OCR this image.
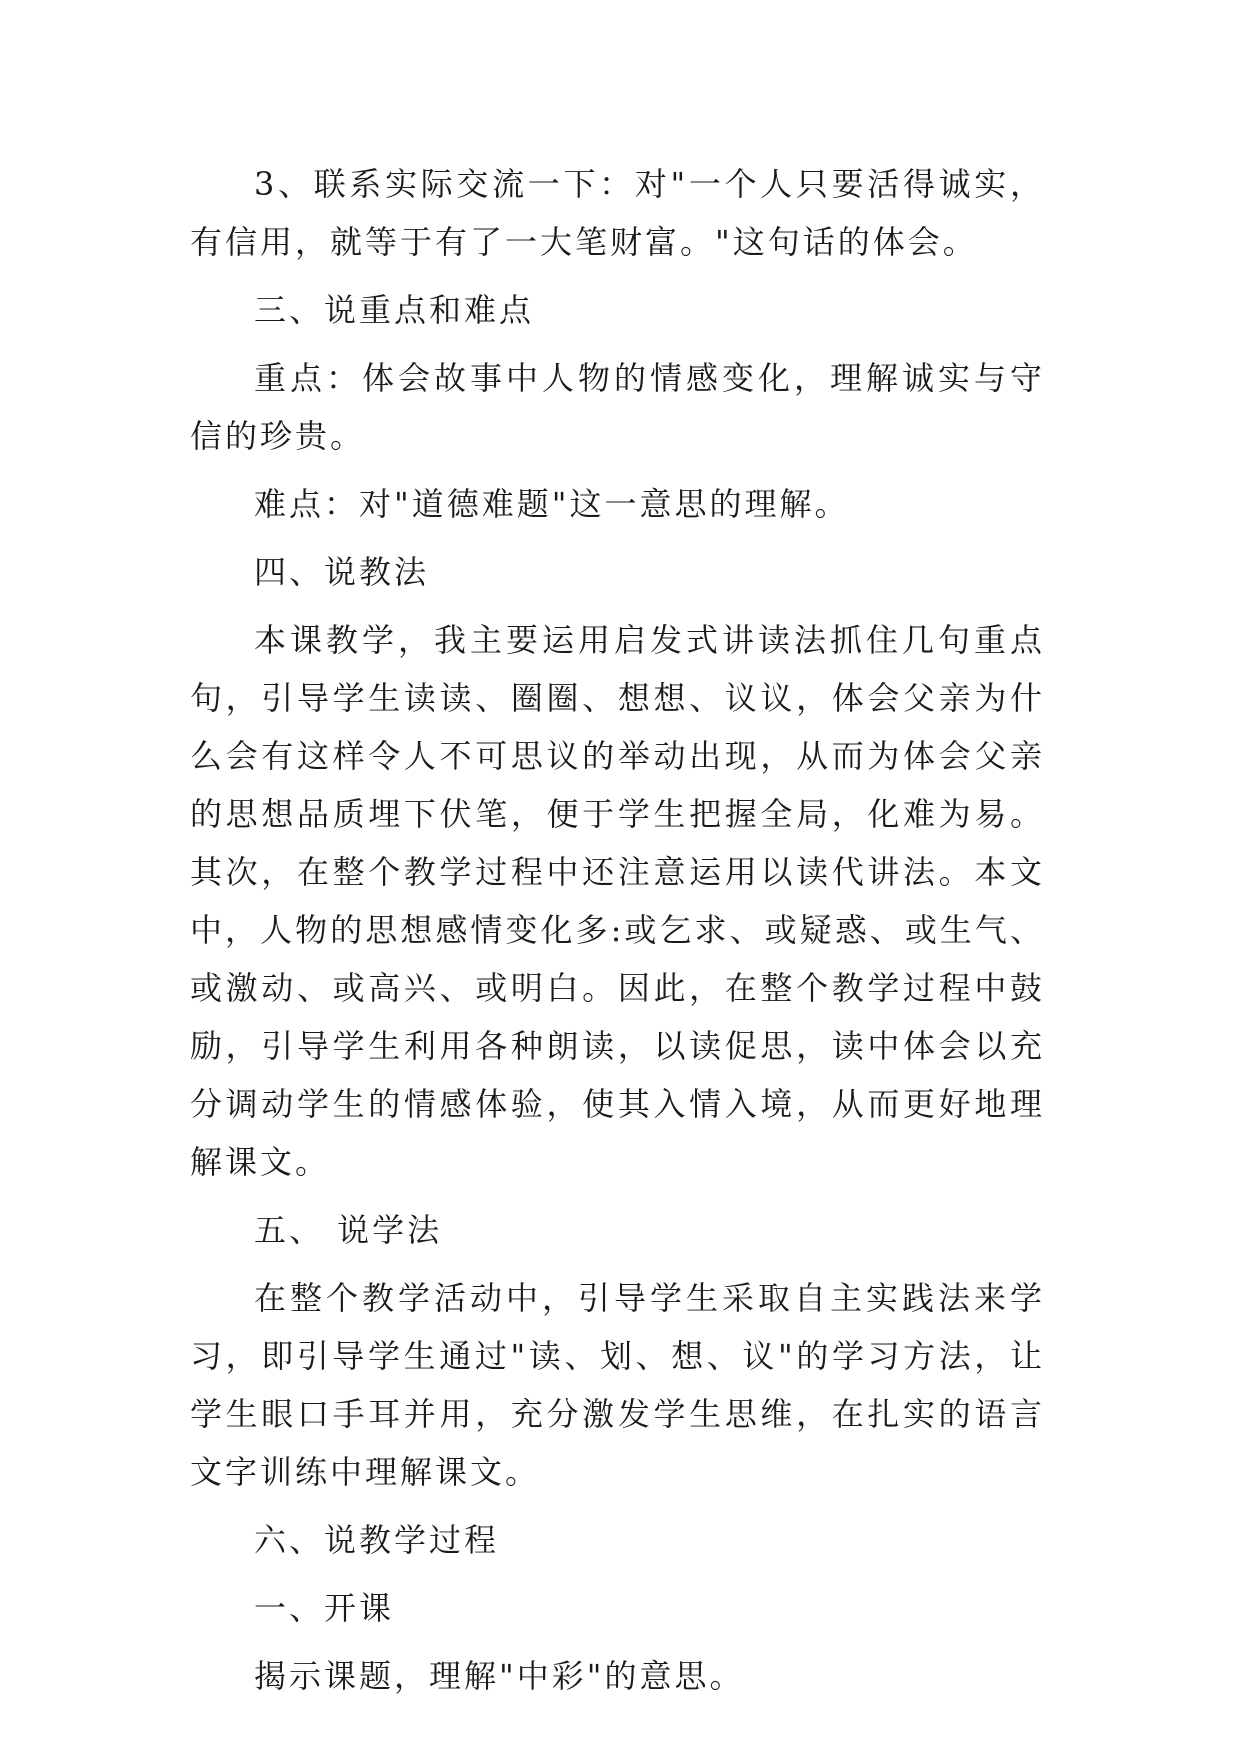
3、联系实际交流一下：对"一个人只要活得诚实，有信用，就等于有了一大笔财富。"这句话的体会。

三、说重点和难点

重点：体会故事中人物的情感变化，理解诚实与守信的珍贵。

难点：对"道德难题"这一意思的理解。

四、说教法

本课教学，我主要运用启发式讲读法抓住几句重点句，引导学生读读、圈圈、想想、议议，体会父亲为什么会有这样令人不可思议的举动出现，从而为体会父亲的思想品质埋下伏笔，便于学生把握全局，化难为易。其次，在整个教学过程中还注意运用以读代讲法。本文中，人物的思想感情变化多:或乞求、或疑惑、或生气、或激动、或高兴、或明白。因此，在整个教学过程中鼓励，引导学生利用各种朗读，以读促思，读中体会以充分调动学生的情感体验，使其入情入境，从而更好地理解课文。

五、 说学法

在整个教学活动中，引导学生采取自主实践法来学习，即引导学生通过"读、划、想、议"的学习方法，让学生眼口手耳并用，充分激发学生思维，在扎实的语言文字训练中理解课文。

六、说教学过程

一、开课

揭示课题，理解"中彩"的意思。
